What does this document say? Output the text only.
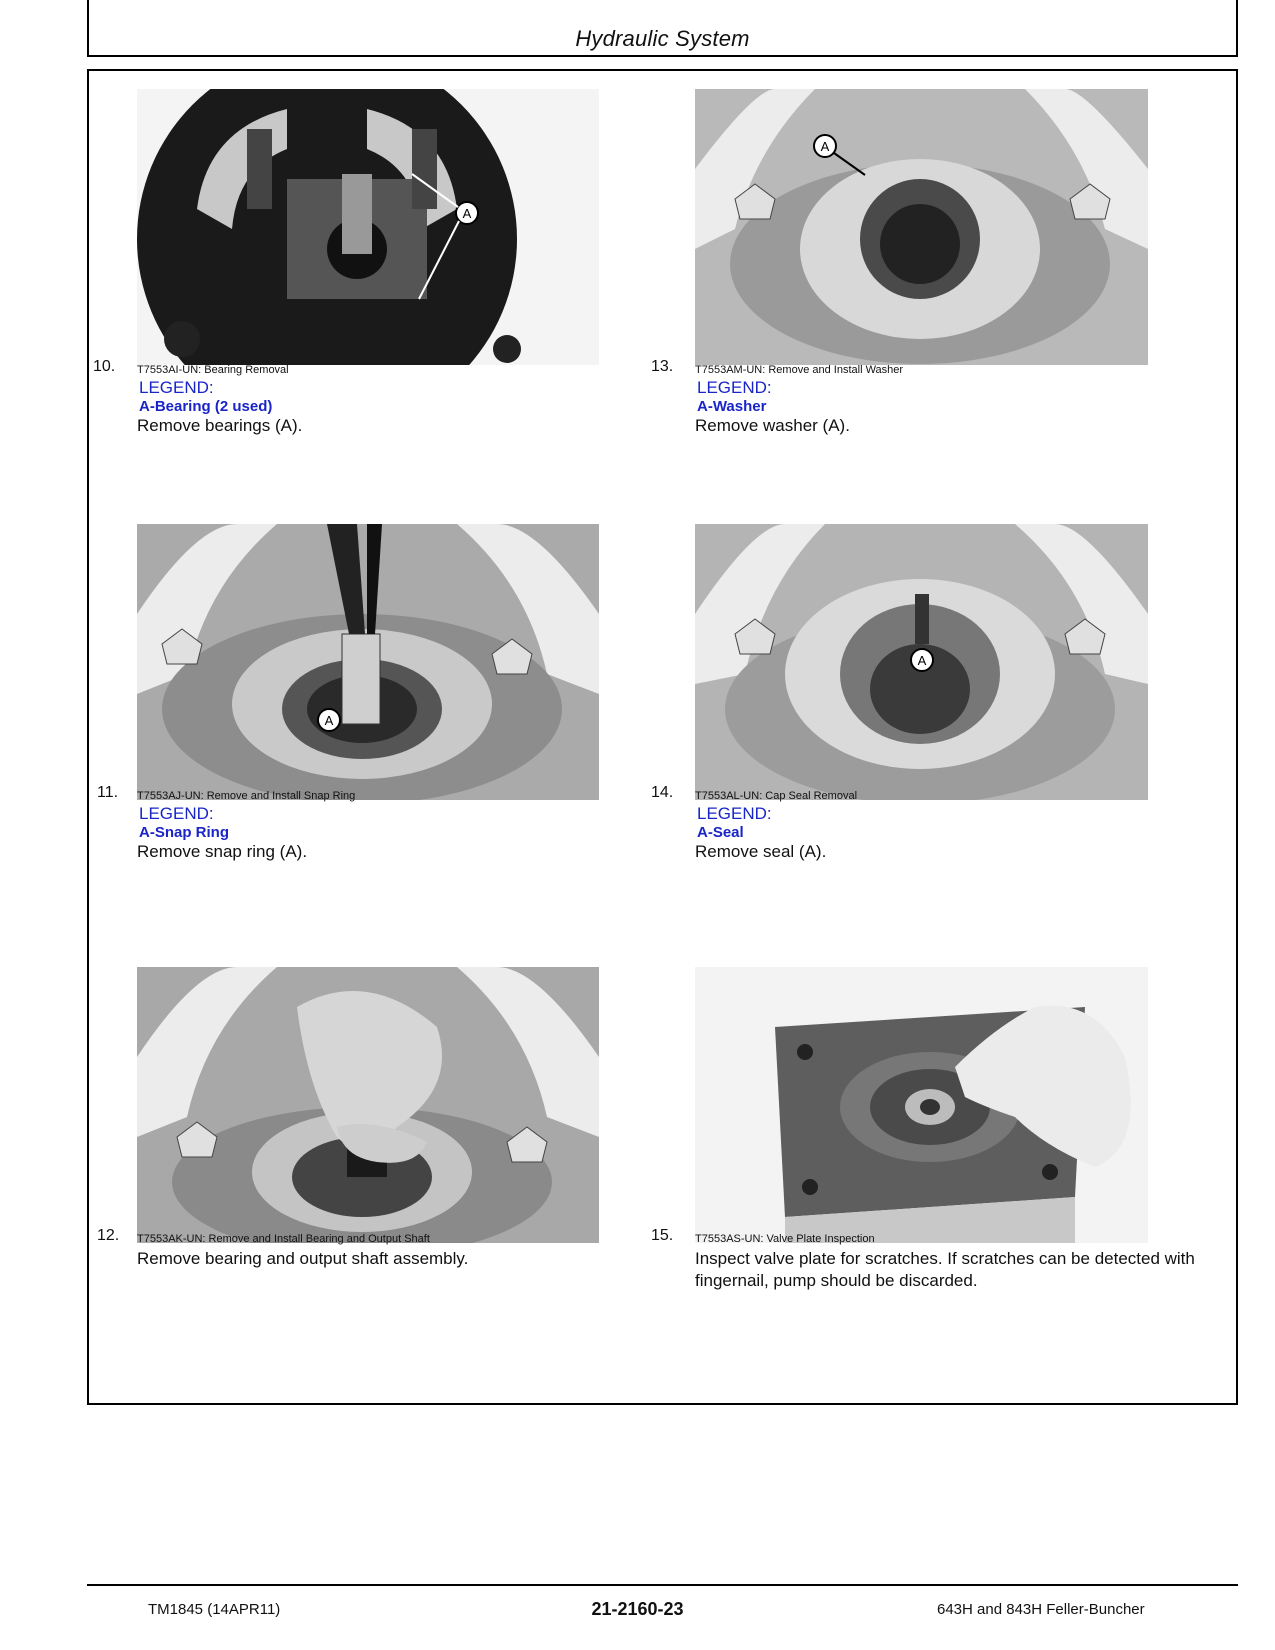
Hydraulic System
A
10. T7553AI-UN: Bearing Removal
LEGEND:
A-Bearing (2 used)
Remove bearings (A).
A
13. T7553AM-UN: Remove and Install Washer
LEGEND:
A-Washer
Remove washer (A).
A
11. T7553AJ-UN: Remove and Install Snap Ring
LEGEND:
A-Snap Ring
Remove snap ring (A).
A
14. T7553AL-UN: Cap Seal Removal
LEGEND:
A-Seal
Remove seal (A).
12. T7553AK-UN: Remove and Install Bearing and Output Shaft
Remove bearing and output shaft assembly.
15. T7553AS-UN: Valve Plate Inspection
Inspect valve plate for scratches. If scratches can be detected with fingernail, pump should be discarded.
TM1845 (14APR11)	21-2160-23	643H and 843H Feller-Buncher
